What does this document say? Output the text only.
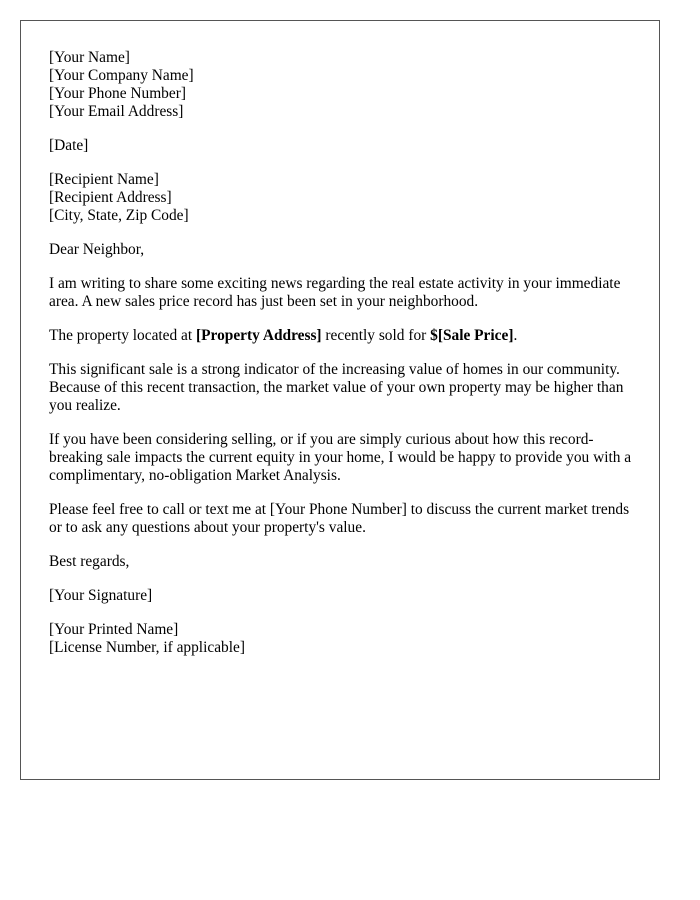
[Your Name]
[Your Company Name]
[Your Phone Number]
[Your Email Address]
[Date]
[Recipient Name]
[Recipient Address]
[City, State, Zip Code]

Dear Neighbor,

I am writing to share some exciting news regarding the real estate activity in your immediate area. A new sales price record has just been set in your neighborhood.

The property located at [Property Address] recently sold for $[Sale Price].

This significant sale is a strong indicator of the increasing value of homes in our community. Because of this recent transaction, the market value of your own property may be higher than you realize.

If you have been considering selling, or if you are simply curious about how this record-breaking sale impacts the current equity in your home, I would be happy to provide you with a complimentary, no-obligation Market Analysis.

Please feel free to call or text me at [Your Phone Number] to discuss the current market trends or to ask any questions about your property's value.

Best regards,

[Your Signature]

[Your Printed Name]
[License Number, if applicable]
